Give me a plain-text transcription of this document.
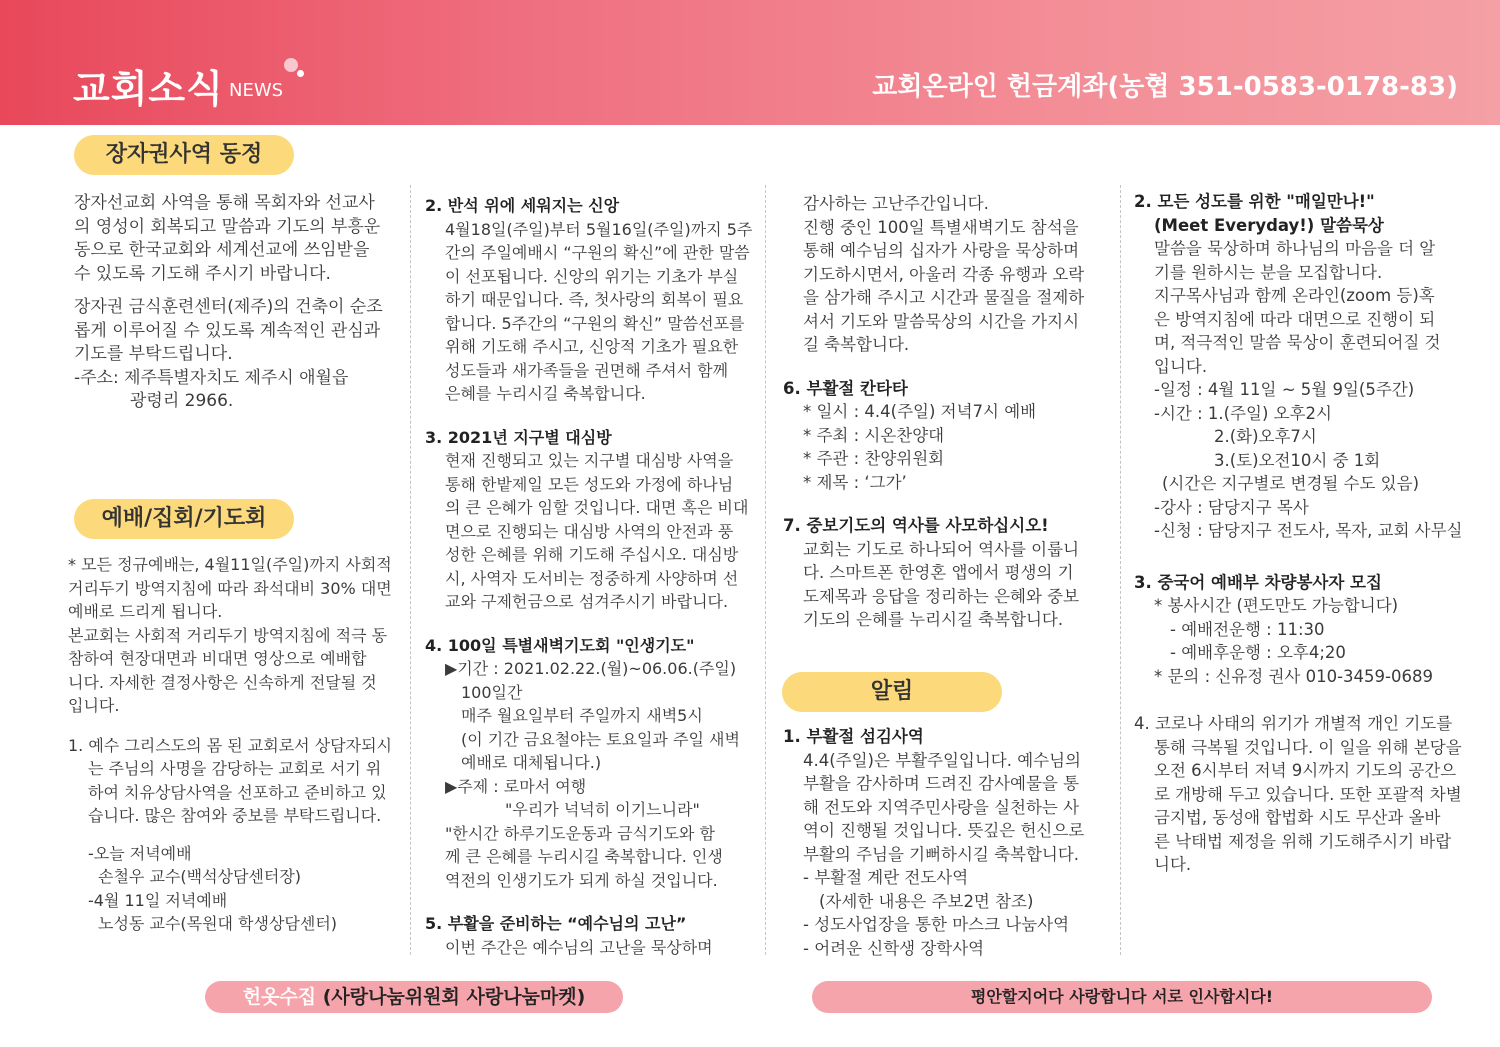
교회소식 NEWS	교회온라인 헌금계좌(농협 351-0583-0178-83)
장자권사역 동정
예배/집회/기도회
알림

장자선교회 사역을 통해 목회자와 선교사

의 영성이 회복되고 말씀과 기도의 부흥운

동으로 한국교회와 세계선교에 쓰임받을

수 있도록 기도해 주시기 바랍니다.

장자권 금식훈련센터(제주)의 건축이 순조

롭게 이루어질 수 있도록 계속적인 관심과

기도를 부탁드립니다.

-주소: 제주특별자치도 제주시 애월읍

광령리 2966.

* 모든 정규예배는, 4월11일(주일)까지 사회적

거리두기 방역지침에 따라 좌석대비 30% 대면

예배로 드리게 됩니다.

본교회는 사회적 거리두기 방역지침에 적극 동

참하여 현장대면과 비대면 영상으로 예배합

니다. 자세한 결정사항은 신속하게 전달될 것

입니다.

1. 예수 그리스도의 몸 된 교회로서 상담자되시

는 주님의 사명을 감당하는 교회로 서기 위

하여 치유상담사역을 선포하고 준비하고 있

습니다. 많은 참여와 중보를 부탁드립니다.

-오늘 저녁예배

손철우 교수(백석상담센터장)

-4월 11일 저녁예배

노성동 교수(목원대 학생상담센터)

2. 반석 위에 세워지는 신앙

4월18일(주일)부터 5월16일(주일)까지 5주

간의 주일예배시 “구원의 확신”에 관한 말씀

이 선포됩니다. 신앙의 위기는 기초가 부실

하기 때문입니다. 즉, 첫사랑의 회복이 필요

합니다. 5주간의 “구원의 확신” 말씀선포를

위해 기도해 주시고, 신앙적 기초가 필요한

성도들과 새가족들을 권면해 주셔서 함께

은혜를 누리시길 축복합니다.

3. 2021년 지구별 대심방

현재 진행되고 있는 지구별 대심방 사역을

통해 한밭제일 모든 성도와 가정에 하나님

의 큰 은혜가 임할 것입니다. 대면 혹은 비대

면으로 진행되는 대심방 사역의 안전과 풍

성한 은혜를 위해 기도해 주십시오. 대심방

시, 사역자 도서비는 정중하게 사양하며 선

교와 구제헌금으로 섬겨주시기 바랍니다.

4. 100일 특별새벽기도회 "인생기도"

▶기간 : 2021.02.22.(월)~06.06.(주일)

100일간

매주 월요일부터 주일까지 새벽5시

(이 기간 금요철야는 토요일과 주일 새벽

예배로 대체됩니다.)

▶주제 : 로마서 여행

"우리가 넉넉히 이기느니라"

"한시간 하루기도운동과 금식기도와 함

께 큰 은혜를 누리시길 축복합니다. 인생

역전의 인생기도가 되게 하실 것입니다.

5. 부활을 준비하는 “예수님의 고난”

이번 주간은 예수님의 고난을 묵상하며

감사하는 고난주간입니다.

진행 중인 100일 특별새벽기도 참석을

통해 예수님의 십자가 사랑을 묵상하며

기도하시면서, 아울러 각종 유행과 오락

을 삼가해 주시고 시간과 물질을 절제하

셔서 기도와 말씀묵상의 시간을 가지시

길 축복합니다.

6. 부활절 칸타타

* 일시 : 4.4(주일) 저녁7시 예배

* 주최 : 시온찬양대

* 주관 : 찬양위원회

* 제목 : ‘그가’

7. 중보기도의 역사를 사모하십시오!

교회는 기도로 하나되어 역사를 이룹니

다. 스마트폰 한영혼 앱에서 평생의 기

도제목과 응답을 정리하는 은혜와 중보

기도의 은혜를 누리시길 축복합니다.

1. 부활절 섬김사역

4.4(주일)은 부활주일입니다. 예수님의

부활을 감사하며 드려진 감사예물을 통

해 전도와 지역주민사랑을 실천하는 사

역이 진행될 것입니다. 뜻깊은 헌신으로

부활의 주님을 기뻐하시길 축복합니다.

- 부활절 계란 전도사역

(자세한 내용은 주보2면 참조)

- 성도사업장을 통한 마스크 나눔사역

- 어려운 신학생 장학사역

2. 모든 성도를 위한 "매일만나!"

(Meet Everyday!) 말씀묵상

말씀을 묵상하며 하나님의 마음을 더 알

기를 원하시는 분을 모집합니다.

지구목사님과 함께 온라인(zoom 등)혹

은 방역지침에 따라 대면으로 진행이 되

며, 적극적인 말씀 묵상이 훈련되어질 것

입니다.

-일정 : 4월 11일 ~ 5월 9일(5주간)

-시간 : 1.(주일) 오후2시

2.(화)오후7시

3.(토)오전10시 중 1회

(시간은 지구별로 변경될 수도 있음)

-강사 : 담당지구 목사

-신청 : 담당지구 전도사, 목자, 교회 사무실

3. 중국어 예배부 차량봉사자 모집

* 봉사시간 (편도만도 가능합니다)

- 예배전운행 : 11:30

- 예배후운행 : 오후4;20

* 문의 : 신유정 권사 010-3459-0689

4. 코로나 사태의 위기가 개별적 개인 기도를

통해 극복될 것입니다. 이 일을 위해 본당을

오전 6시부터 저녁 9시까지 기도의 공간으

로 개방해 두고 있습니다. 또한 포괄적 차별

금지법, 동성애 합법화 시도 무산과 올바

른 낙태법 제정을 위해 기도해주시기 바랍

니다.

헌옷수집 (사랑나눔위원회 사랑나눔마켓)	평안할지어다 사랑합니다 서로 인사합시다!
